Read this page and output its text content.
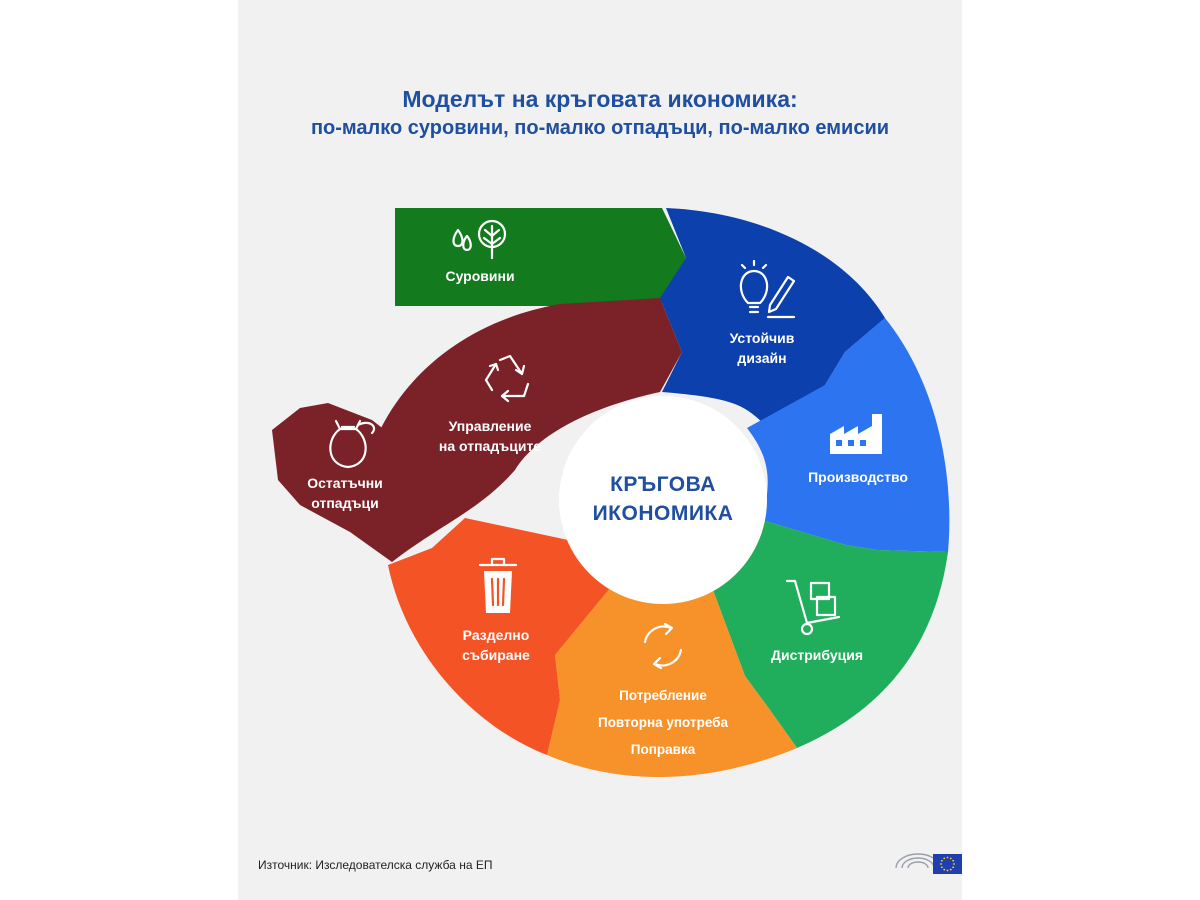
Моделът на кръговата икономика:
по-малко суровини, по-малко отпадъци, по-малко емисии
Суровини
Устойчив
дизайн
Производство
Дистрибуция
Потребление
Повторна употреба
Поправка
Разделно
събиране
Управление
на отпадъците
Остатъчни
отпадъци
КРЪГОВА
ИКОНОМИКА
Източник: Изследователска служба на ЕП
